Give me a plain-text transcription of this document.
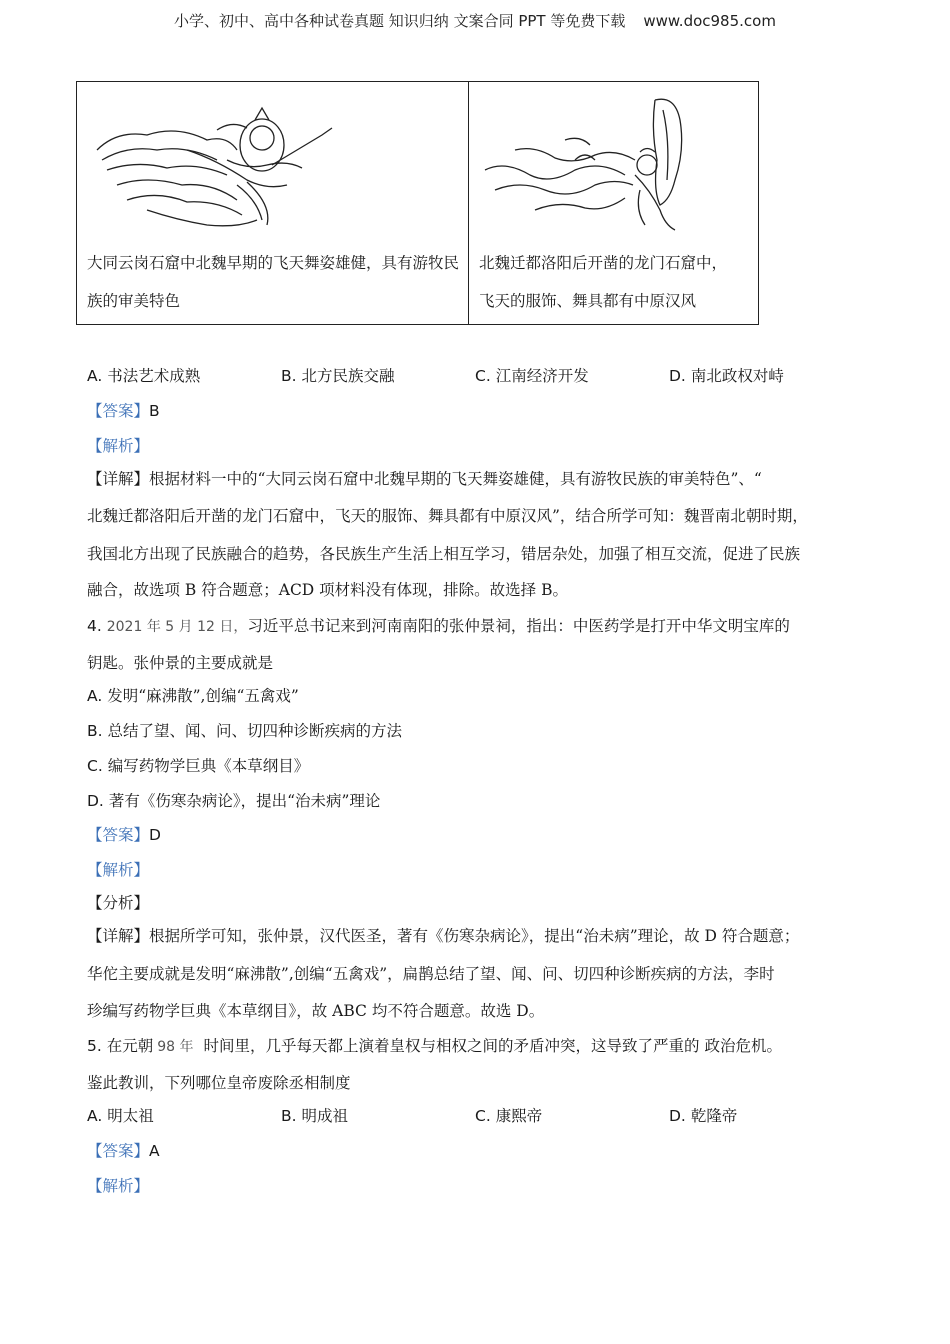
小学、初中、高中各种试卷真题 知识归纳 文案合同 PPT 等免费下载 www.doc985.com
大同云岗石窟中北魏早期的飞天舞姿雄健，具有游牧民族的审美特色
北魏迁都洛阳后开凿的龙门石窟中，
飞天的服饰、舞具都有中原汉风
A. 书法艺术成熟	B. 北方民族交融	C. 江南经济开发	D. 南北政权对峙
【答案】B
【解析】
【详解】根据材料一中的“大同云岗石窟中北魏早期的飞天舞姿雄健，具有游牧民族的审美特色”、“
北魏迁都洛阳后开凿的龙门石窟中，飞天的服饰、舞具都有中原汉风”，结合所学可知：魏晋南北朝时期，
我国北方出现了民族融合的趋势，各民族生产生活上相互学习，错居杂处，加强了相互交流，促进了民族
融合，故选项 B 符合题意；ACD 项材料没有体现，排除。故选择 B。
4. 2021 年 5 月 12 日，习近平总书记来到河南南阳的张仲景祠，指出：中医药学是打开中华文明宝库的
钥匙。张仲景的主要成就是
A. 发明“麻沸散”,创编“五禽戏”
B. 总结了望、闻、问、切四种诊断疾病的方法
C. 编写药物学巨典《本草纲目》
D. 著有《伤寒杂病论》，提出“治未病”理论
【答案】D
【解析】
【分析】
【详解】根据所学可知，张仲景，汉代医圣，著有《伤寒杂病论》，提出“治未病”理论，故 D 符合题意；
华佗主要成就是发明“麻沸散”,创编“五禽戏”，扁鹊总结了望、闻、问、切四种诊断疾病的方法，李时
珍编写药物学巨典《本草纲目》，故 ABC 均不符合题意。故选 D。
5. 在元朝 98 年 时间里，几乎每天都上演着皇权与相权之间的矛盾冲突，这导致了严重的 政治危机。
鉴此教训，下列哪位皇帝废除丞相制度
A. 明太祖	B. 明成祖	C. 康熙帝	D. 乾隆帝
【答案】A
【解析】
